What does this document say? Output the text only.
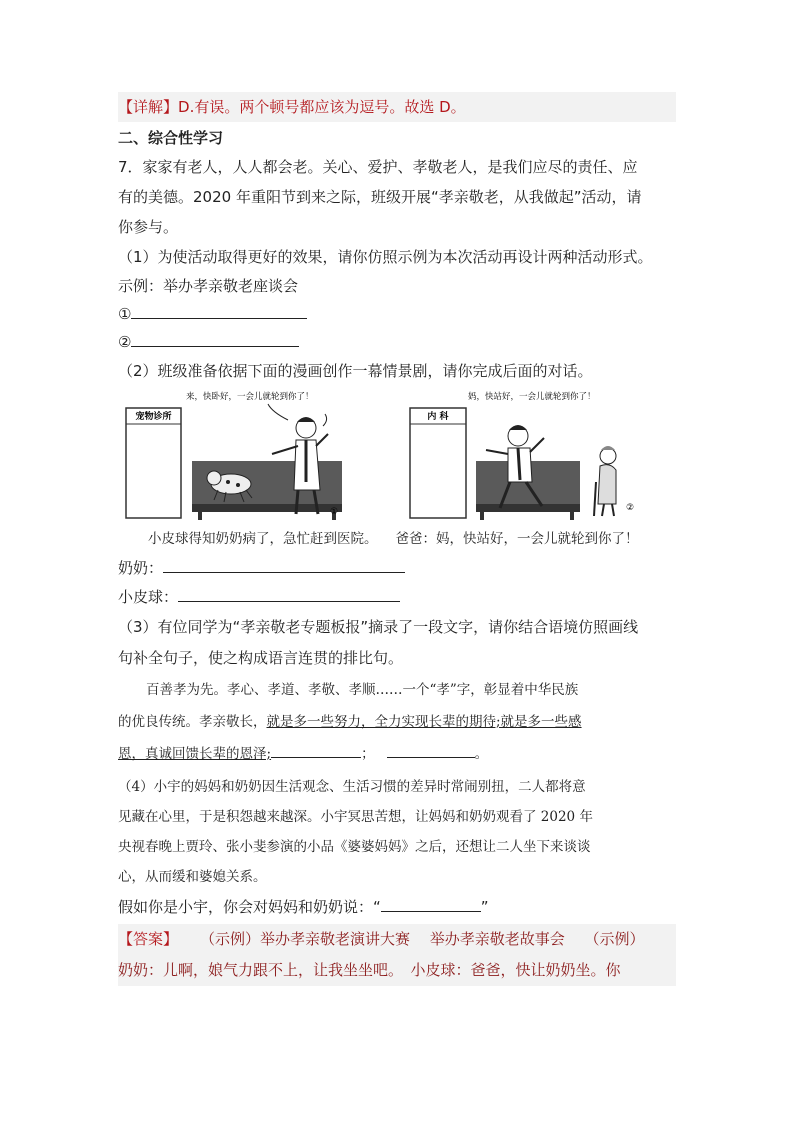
【详解】D.有误。两个顿号都应该为逗号。故选 D。
二、综合性学习
7．家家有老人，人人都会老。关心、爱护、孝敬老人，是我们应尽的责任、应
有的美德。2020 年重阳节到来之际，班级开展“孝亲敬老，从我做起”活动，请
你参与。
（1）为使活动取得更好的效果，请你仿照示例为本次活动再设计两种活动形式。
示例：举办孝亲敬老座谈会
①
②
（2）班级准备依据下面的漫画创作一幕情景剧，请你完成后面的对话。
宠物诊所
来，快卧好，一会儿就轮到你了！
①
内 科
妈，快站好，一会儿就轮到你了！
②
小皮球得知奶奶病了，急忙赶到医院。 爸爸：妈，快站好，一会儿就轮到你了！
奶奶：
小皮球：
（3）有位同学为“孝亲敬老专题板报”摘录了一段文字，请你结合语境仿照画线
句补全句子，使之构成语言连贯的排比句。
百善孝为先。孝心、孝道、孝敬、孝顺……一个“孝”字，彰显着中华民族
的优良传统。孝亲敬长，就是多一些努力，全力实现长辈的期待;就是多一些感
恩，真诚回馈长辈的恩泽;	；	。
（4）小宇的妈妈和奶奶因生活观念、生活习惯的差异时常闹别扭，二人都将意
见藏在心里，于是积怨越来越深。小宇冥思苦想，让妈妈和奶奶观看了 2020 年
央视春晚上贾玲、张小斐参演的小品《婆婆妈妈》之后，还想让二人坐下来谈谈
心，从而缓和婆媳关系。
假如你是小宇，你会对妈妈和奶奶说：“	”
【答案】 （示例）举办孝亲敬老演讲大赛　 举办孝亲敬老故事会　 （示例）
奶奶：儿啊，娘气力跟不上，让我坐坐吧。　小皮球：爸爸，快让奶奶坐。你
